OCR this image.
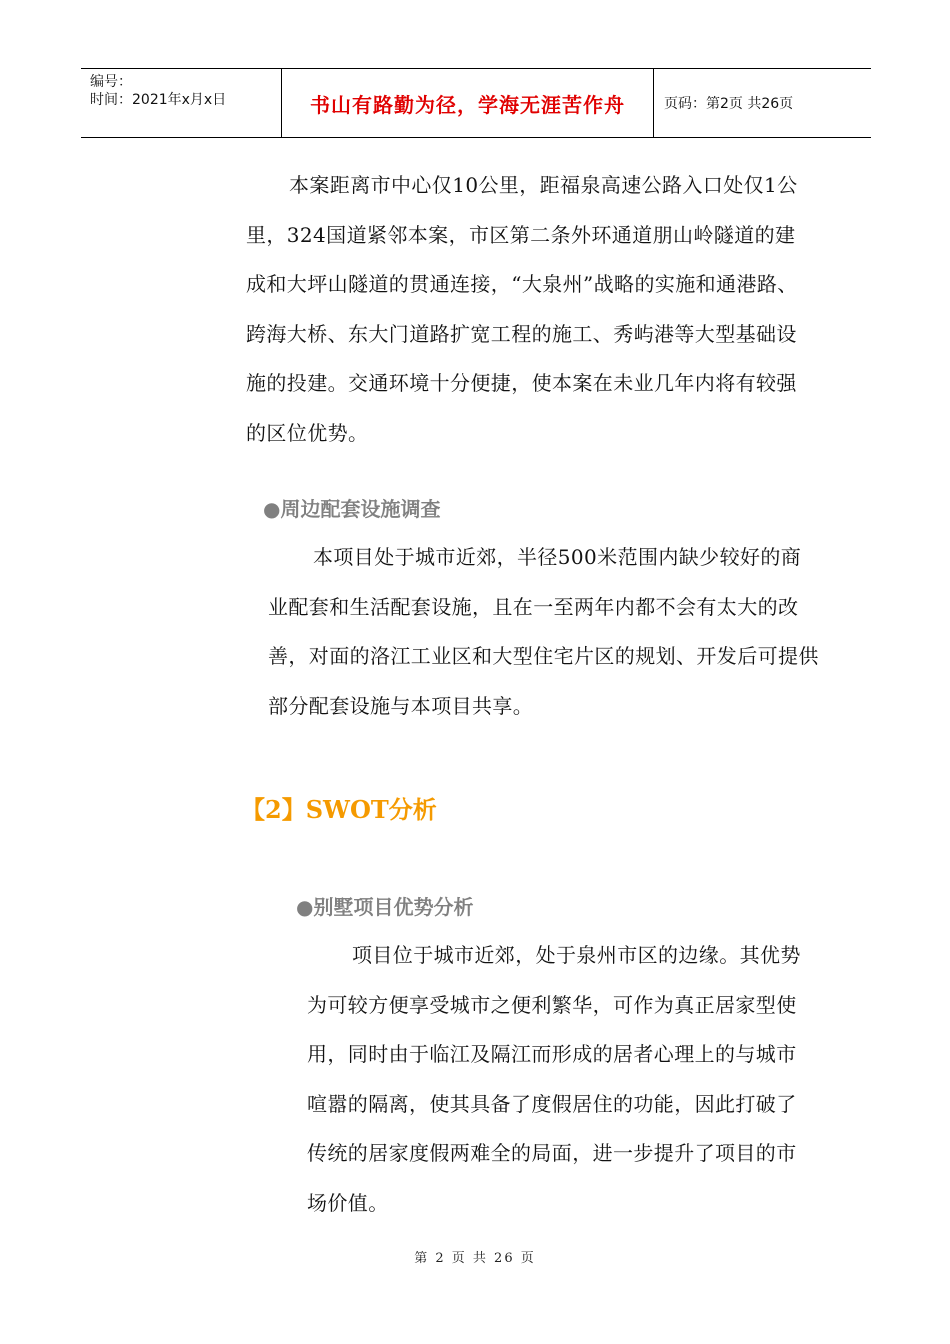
编号：
时间：2021年x月x日	书山有路勤为径，学海无涯苦作舟	页码：第2页 共26页

本案距离市中心仅10公里，距福泉高速公路入口处仅1公里，324国道紧邻本案，市区第二条外环通道朋山岭隧道的建成和大坪山隧道的贯通连接，“大泉州”战略的实施和通港路、跨海大桥、东大门道路扩宽工程的施工、秀屿港等大型基础设施的投建。交通环境十分便捷，使本案在未业几年内将有较强的区位优势。

●周边配套设施调查

本项目处于城市近郊，半径500米范围内缺少较好的商业配套和生活配套设施，且在一至两年内都不会有太大的改善，对面的洛江工业区和大型住宅片区的规划、开发后可提供部分配套设施与本项目共享。

【2】SWOT分析

●别墅项目优势分析

项目位于城市近郊，处于泉州市区的边缘。其优势为可较方便享受城市之便利繁华，可作为真正居家型使用，同时由于临江及隔江而形成的居者心理上的与城市喧嚣的隔离，使其具备了度假居住的功能，因此打破了传统的居家度假两难全的局面，进一步提升了项目的市场价值。

第 2 页 共 26 页
